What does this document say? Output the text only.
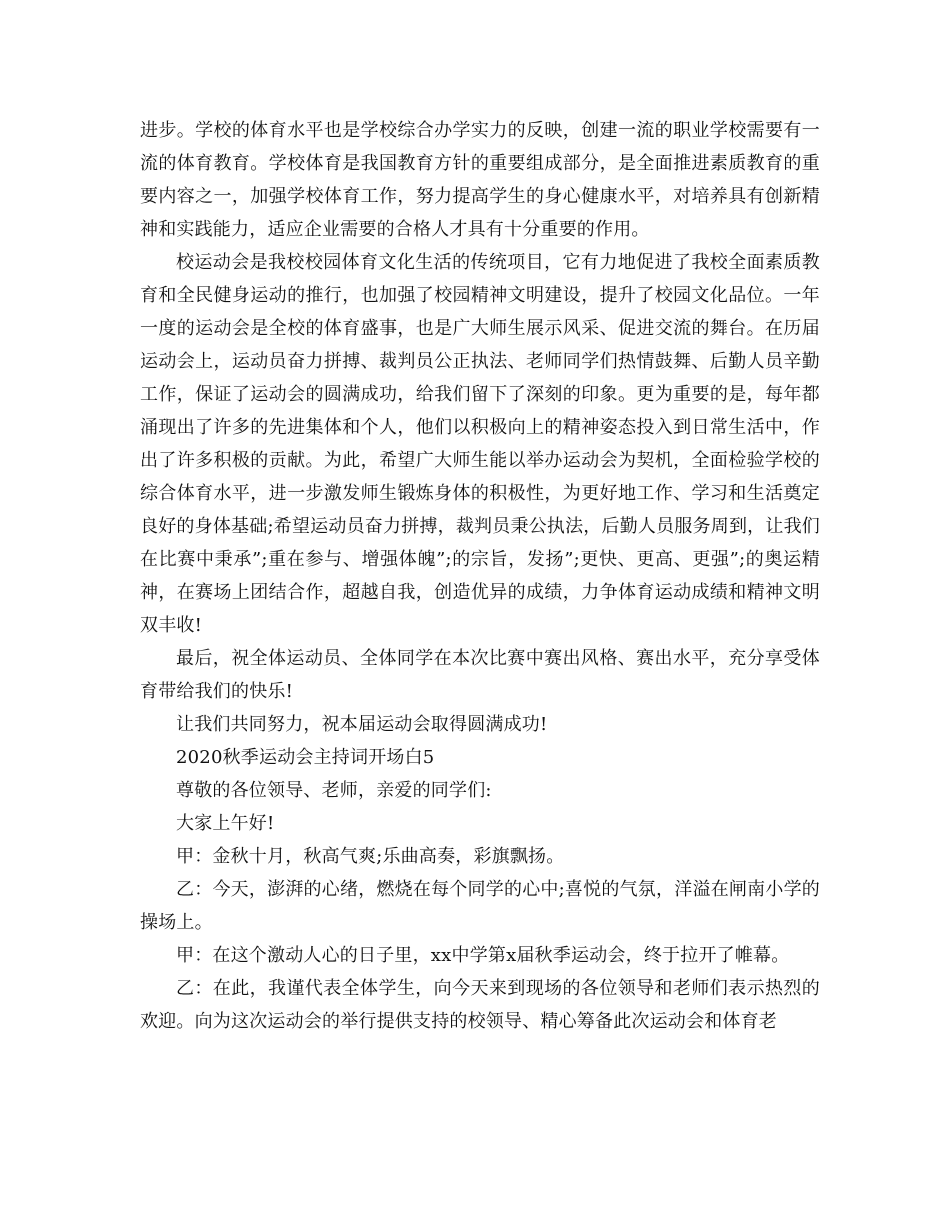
进步。学校的体育水平也是学校综合办学实力的反映，创建一流的职业学校需要有一流的体育教育。学校体育是我国教育方针的重要组成部分，是全面推进素质教育的重要内容之一，加强学校体育工作，努力提高学生的身心健康水平，对培养具有创新精神和实践能力，适应企业需要的合格人才具有十分重要的作用。

校运动会是我校校园体育文化生活的传统项目，它有力地促进了我校全面素质教育和全民健身运动的推行，也加强了校园精神文明建设，提升了校园文化品位。一年一度的运动会是全校的体育盛事，也是广大师生展示风采、促进交流的舞台。在历届运动会上，运动员奋力拼搏、裁判员公正执法、老师同学们热情鼓舞、后勤人员辛勤工作，保证了运动会的圆满成功，给我们留下了深刻的印象。更为重要的是，每年都涌现出了许多的先进集体和个人，他们以积极向上的精神姿态投入到日常生活中，作出了许多积极的贡献。为此，希望广大师生能以举办运动会为契机，全面检验学校的综合体育水平，进一步激发师生锻炼身体的积极性，为更好地工作、学习和生活奠定良好的身体基础;希望运动员奋力拼搏，裁判员秉公执法，后勤人员服务周到，让我们在比赛中秉承”;重在参与、增强体魄”;的宗旨，发扬”;更快、更高、更强”;的奥运精神，在赛场上团结合作，超越自我，创造优异的成绩，力争体育运动成绩和精神文明双丰收!

最后，祝全体运动员、全体同学在本次比赛中赛出风格、赛出水平，充分享受体育带给我们的快乐!

让我们共同努力，祝本届运动会取得圆满成功!

2020秋季运动会主持词开场白5

尊敬的各位领导、老师，亲爱的同学们:

大家上午好!

甲：金秋十月，秋高气爽;乐曲高奏，彩旗飘扬。

乙：今天，澎湃的心绪，燃烧在每个同学的心中;喜悦的气氛，洋溢在闸南小学的操场上。

甲：在这个激动人心的日子里，xx中学第x届秋季运动会，终于拉开了帷幕。

乙：在此，我谨代表全体学生，向今天来到现场的各位领导和老师们表示热烈的欢迎。向为这次运动会的举行提供支持的校领导、精心筹备此次运动会和体育老
